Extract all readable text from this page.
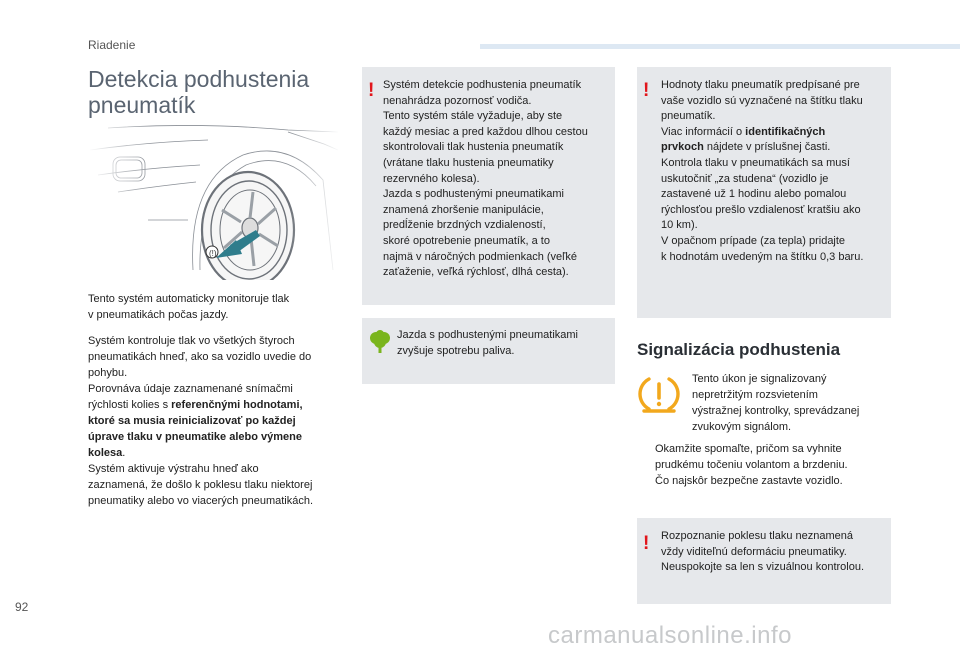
Riadenie
Detekcia podhustenia
pneumatík
(!)

Tento systém automaticky monitoruje tlak
v pneumatikách počas jazdy.

Systém kontroluje tlak vo všetkých štyroch
pneumatikách hneď, ako sa vozidlo uvedie do
pohybu.
Porovnáva údaje zaznamenané snímačmi
rýchlosti kolies s referenčnými hodnotami,
ktoré sa musia reinicializovať po každej
úprave tlaku v pneumatike alebo výmene
kolesa.
Systém aktivuje výstrahu hneď ako
zaznamená, že došlo k poklesu tlaku niektorej
pneumatiky alebo vo viacerých pneumatikách.

! Systém detekcie podhustenia pneumatík
nenahrádza pozornosť vodiča.
Tento systém stále vyžaduje, aby ste
každý mesiac a pred každou dlhou cestou
skontrolovali tlak hustenia pneumatík
(vrátane tlaku hustenia pneumatiky
rezervného kolesa).
Jazda s podhustenými pneumatikami
znamená zhoršenie manipulácie,
predĺženie brzdných vzdialeností,
skoré opotrebenie pneumatík, a to
najmä v náročných podmienkach (veľké
zaťaženie, veľká rýchlosť, dlhá cesta).
Jazda s podhustenými pneumatikami
zvyšuje spotrebu paliva.
! Hodnoty tlaku pneumatík predpísané pre
vaše vozidlo sú vyznačené na štítku tlaku
pneumatík.
Viac informácií o identifikačných
prvkoch nájdete v príslušnej časti.
Kontrola tlaku v pneumatikách sa musí
uskutočniť „za studena“ (vozidlo je
zastavené už 1 hodinu alebo pomalou
rýchlosťou prešlo vzdialenosť kratšiu ako
10 km).
V opačnom prípade (za tepla) pridajte
k hodnotám uvedeným na štítku 0,3 baru.
Signalizácia podhustenia
Tento úkon je signalizovaný
nepretržitým rozsvietením
výstražnej kontrolky, sprevádzanej
zvukovým signálom.
Okamžite spomaľte, pričom sa vyhnite
prudkému točeniu volantom a brzdeniu.
Čo najskôr bezpečne zastavte vozidlo.
! Rozpoznanie poklesu tlaku neznamená
vždy viditeľnú deformáciu pneumatiky.
Neuspokojte sa len s vizuálnou kontrolou.
92
carmanualsonline.info
